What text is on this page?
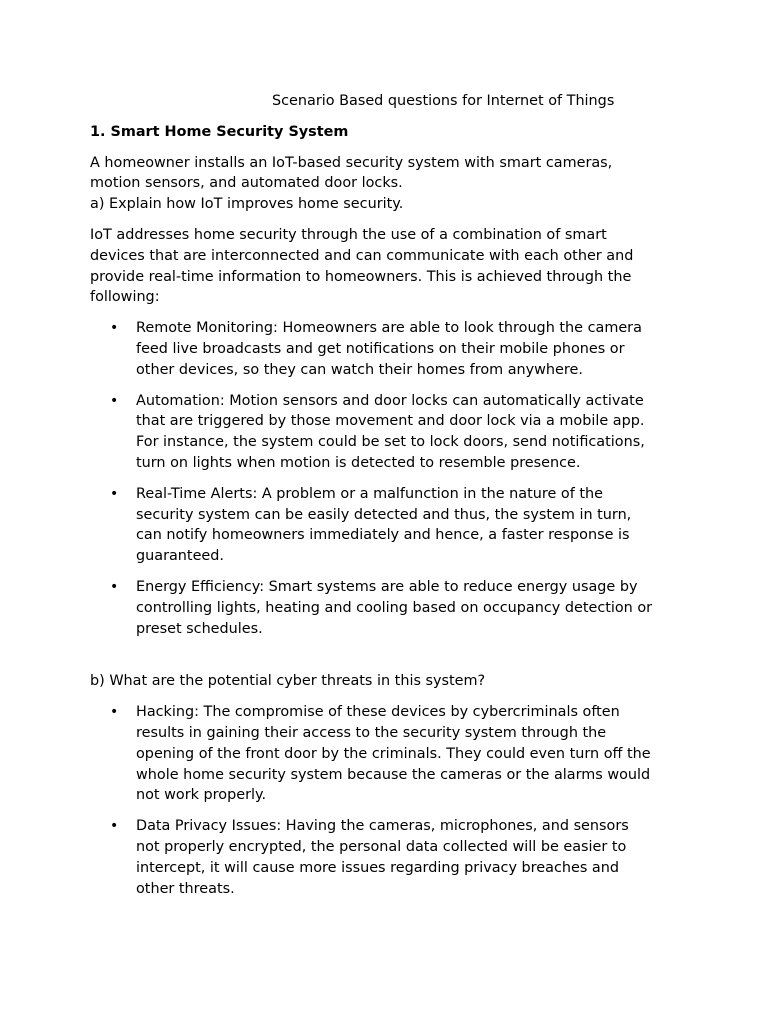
Scenario Based questions for Internet of Things
1. Smart Home Security System

A homeowner installs an IoT-based security system with smart cameras,
motion sensors, and automated door locks.
a) Explain how IoT improves home security.

IoT addresses home security through the use of a combination of smart
devices that are interconnected and can communicate with each other and
provide real-time information to homeowners. This is achieved through the
following:

• Remote Monitoring: Homeowners are able to look through the camera
feed live broadcasts and get notifications on their mobile phones or
other devices, so they can watch their homes from anywhere.
• Automation: Motion sensors and door locks can automatically activate
that are triggered by those movement and door lock via a mobile app.
For instance, the system could be set to lock doors, send notifications,
turn on lights when motion is detected to resemble presence.
• Real-Time Alerts: A problem or a malfunction in the nature of the
security system can be easily detected and thus, the system in turn,
can notify homeowners immediately and hence, a faster response is
guaranteed.
• Energy Efficiency: Smart systems are able to reduce energy usage by
controlling lights, heating and cooling based on occupancy detection or
preset schedules.

b) What are the potential cyber threats in this system?

• Hacking: The compromise of these devices by cybercriminals often
results in gaining their access to the security system through the
opening of the front door by the criminals. They could even turn off the
whole home security system because the cameras or the alarms would
not work properly.
• Data Privacy Issues: Having the cameras, microphones, and sensors
not properly encrypted, the personal data collected will be easier to
intercept, it will cause more issues regarding privacy breaches and
other threats.
